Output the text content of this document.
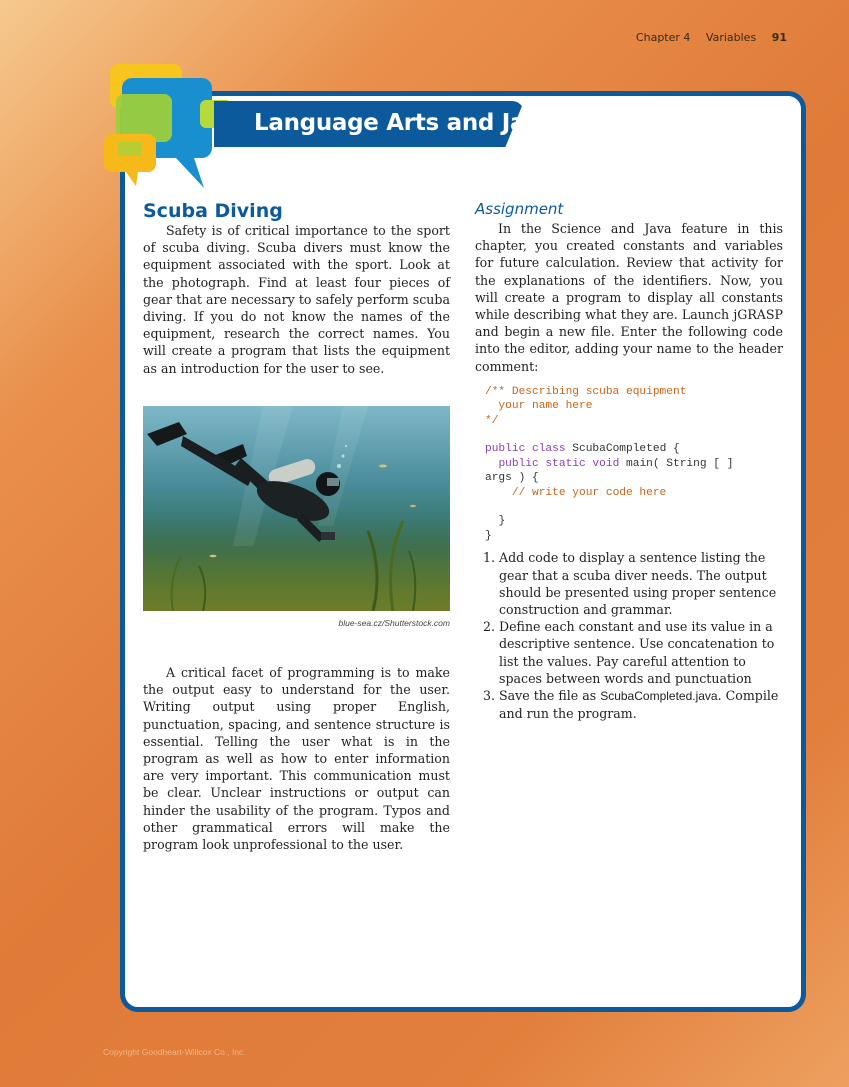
Chapter 4 Variables 91
Language Arts and Java
Scuba Diving

Safety is of critical importance to the sport of scuba diving. Scuba divers must know the equipment associated with the sport. Look at the photograph. Find at least four pieces of gear that are necessary to safely perform scuba diving. If you do not know the names of the equipment, research the correct names. You will create a program that lists the equipment as an introduction for the user to see.

blue-sea.cz/Shutterstock.com

A critical facet of programming is to make the output easy to understand for the user. Writing output using proper English, punctuation, spacing, and sentence structure is essential. Telling the user what is in the program as well as how to enter information are very important. This communication must be clear. Unclear instructions or output can hinder the usability of the program. Typos and other grammatical errors will make the program look unprofessional to the user.

Assignment

In the Science and Java feature in this chapter, you created constants and variables for future calculation. Review that activity for the explanations of the identifiers. Now, you will create a program to display all constants while describing what they are. Launch jGRASP and begin a new file. Enter the following code into the editor, adding your name to the header comment:

/** Describing scuba equipment
your name here
*/

public class ScubaCompleted {
public static void main( String [ ]
args ) {
// write your code here

}
}
1. Add code to display a sentence listing the gear that a scuba diver needs. The output should be presented using proper sentence construction and grammar.
2. Define each constant and use its value in a descriptive sentence. Use concatenation to list the values. Pay careful attention to spaces between words and punctuation
3. Save the file as ScubaCompleted.java. Compile and run the program.
Copyright Goodheart-Willcox Co., Inc.
